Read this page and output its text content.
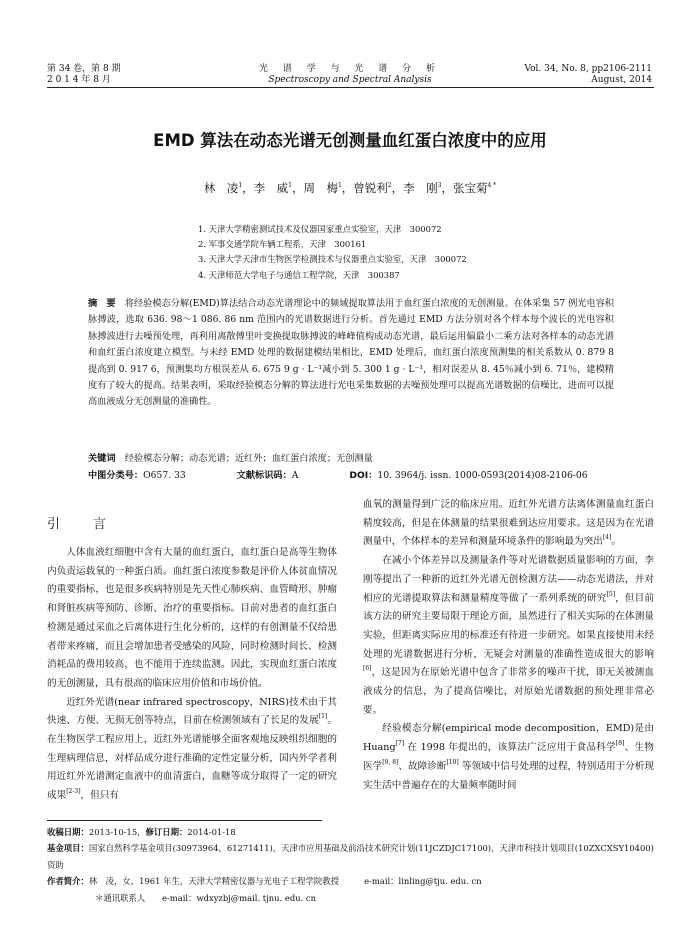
第 34 卷，第 8 期
2 0 1 4 年 8 月
光 谱 学 与 光 谱 分 析
Spectroscopy and Spectral Analysis
Vol. 34, No. 8, pp2106-2111
August, 2014
EMD 算法在动态光谱无创测量血红蛋白浓度中的应用
林　凌$^1$，李　威$^1$，周　梅$^1$，曾锐利$^2$，李　刚$^3$，张宝菊$^{4 *}$
1. 天津大学精密测试技术及仪器国家重点实验室，天津　300072
2. 军事交通学院车辆工程系，天津　300161
3. 天津大学天津市生物医学检测技术与仪器重点实验室，天津　300072
4. 天津师范大学电子与通信工程学院，天津　300387
摘　要　 将经验模态分解(EMD)算法结合动态光谱理论中的频域提取算法用于血红蛋白浓度的无创测量。在体采集 57 例光电容积脉搏波，选取 636. 98～1 086. 86 nm 范围内的光谱数据进行分析。首先通过 EMD 方法分别对各个样本每个波长的光电容积脉搏波进行去噪预处理，再利用离散傅里叶变换提取脉搏波的峰峰值构成动态光谱，最后运用偏最小二乘方法对各样本的动态光谱和血红蛋白浓度建立模型。与未经 EMD 处理的数据建模结果相比，EMD 处理后，血红蛋白浓度预测集的相关系数从 0. 879 8 提高到 0. 917 6，预测集均方根误差从 6. 675 9 g · L⁻¹减小到 5. 300 1 g · L⁻¹，相对误差从 8. 45％减小到 6. 71％，建模精度有了较大的提高。结果表明，采取经验模态分解的算法进行光电采集数据的去噪预处理可以提高光谱数据的信噪比，进而可以提高血液成分无创测量的准确性。
关键词　 经验模态分解；动态光谱；近红外；血红蛋白浓度；无创测量
中图分类号：O657. 33	文献标识码：A	DOI：10. 3964/j. issn. 1000-0593(2014)08-2106-06
引　言

人体血液红细胞中含有大量的血红蛋白，血红蛋白是高等生物体内负责运载氧的一种蛋白质。血红蛋白浓度参数是评价人体贫血情况的重要指标，也是很多疾病特别是先天性心肺疾病、血管畸形、肿瘤和肾脏疾病等预防、诊断、治疗的重要指标。目前对患者的血红蛋白检测是通过采血之后离体进行生化分析的，这样的有创测量不仅给患者带来疼痛，而且会增加患者受感染的风险，同时检测时间长、检测消耗品的费用较高，也不能用于连续监测。因此，实现血红蛋白浓度的无创测量，具有很高的临床应用价值和市场价值。

近红外光谱(near infrared spectroscopy，NIRS)技术由于其快速、方便、无损无创等特点，目前在检测领域有了长足的发展[1]。在生物医学工程应用上，近红外光谱能够全面客观地反映组织细胞的生理病理信息，对样品成分进行准确的定性定量分析，国内外学者利用近红外光谱测定血液中的血清蛋白，血糖等成分取得了一定的研究成果[2-3]，但只有

血氧的测量得到广泛的临床应用。近红外光谱方法离体测量血红蛋白精度较高，但是在体测量的结果很难到达应用要求。这是因为在光谱测量中，个体样本的差异和测量环境条件的影响最为突出[4]。

在减小个体差异以及测量条件等对光谱数据质量影响的方面，李刚等提出了一种新的近红外光谱无创检测方法——动态光谱法，并对相应的光谱提取算法和测量精度等做了一系列系统的研究[5]，但目前该方法的研究主要局限于理论方面，虽然进行了相关实际的在体测量实验，但距离实际应用的标准还有待进一步研究。如果直接使用未经处理的光谱数据进行分析，无疑会对测量的准确性造成很大的影响[6]，这是因为在原始光谱中包含了非常多的噪声干扰，即无关被测血液成分的信息，为了提高信噪比，对原始光谱数据的预处理非常必要。

经验模态分解(empirical mode decomposition，EMD)是由 Huang[7] 在 1998 年提出的，该算法广泛应用于食品科学[8]、生物医学[9, 8]、故障诊断[10] 等领域中信号处理的过程，特别适用于分析现实生活中普遍存在的大量频率随时间

收稿日期：2013-10-15，修订日期：2014-01-18

基金项目：国家自然科学基金项目(30973964，61271411)，天津市应用基础及前沿技术研究计划(11JCZDJC17100)，天津市科技计划项目(10ZXCXSY10400)资助

作者简介：林　凌，女，1961 年生，天津大学精密仪器与光电子工程学院教授　　　	e-mail：linling@tju. edu. cn

＊通讯联系人　　e-mail：wdxyzbj@mail. tjnu. edu. cn
